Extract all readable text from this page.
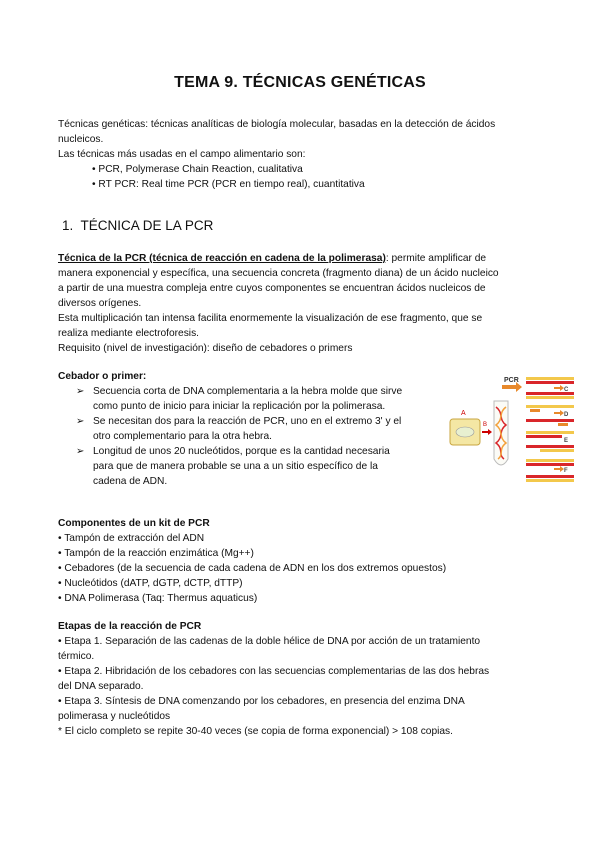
TEMA 9. TÉCNICAS GENÉTICAS
Técnicas genéticas: técnicas analíticas de biología molecular, basadas en la detección de ácidos
nucleicos.
Las técnicas más usadas en el campo alimentario son:
• PCR, Polymerase Chain Reaction, cualitativa
• RT PCR: Real time PCR (PCR en tiempo real), cuantitativa
1. TÉCNICA DE LA PCR
Técnica de la PCR (técnica de reacción en cadena de la polimerasa): permite amplificar de
manera exponencial y específica, una secuencia concreta (fragmento diana) de un ácido nucleico
a partir de una muestra compleja entre cuyos componentes se encuentran ácidos nucleicos de
diversos orígenes.
Esta multiplicación tan intensa facilita enormemente la visualización de ese fragmento, que se
realiza mediante electroforesis.
Requisito (nivel de investigación): diseño de cebadores o primers
Cebador o primer:
➢ Secuencia corta de DNA complementaria a la hebra molde que sirve
como punto de inicio para iniciar la replicación por la polimerasa.
➢ Se necesitan dos para la reacción de PCR, uno en el extremo 3' y el
otro complementario para la otra hebra.
➢ Longitud de unos 20 nucleótidos, porque es la cantidad necesaria
para que de manera probable se una a un sitio específico de la
cadena de ADN.
PCR
A
B
C
D
E
F
Componentes de un kit de PCR
• Tampón de extracción del ADN
• Tampón de la reacción enzimática (Mg++)
• Cebadores (de la secuencia de cada cadena de ADN en los dos extremos opuestos)
• Nucleótidos (dATP, dGTP, dCTP, dTTP)
• DNA Polimerasa (Taq: Thermus aquaticus)
Etapas de la reacción de PCR
• Etapa 1. Separación de las cadenas de la doble hélice de DNA por acción de un tratamiento
térmico.
• Etapa 2. Hibridación de los cebadores con las secuencias complementarias de las dos hebras
del DNA separado.
• Etapa 3. Síntesis de DNA comenzando por los cebadores, en presencia del enzima DNA
polimerasa y nucleótidos
* El ciclo completo se repite 30-40 veces (se copia de forma exponencial) > 108 copias.
